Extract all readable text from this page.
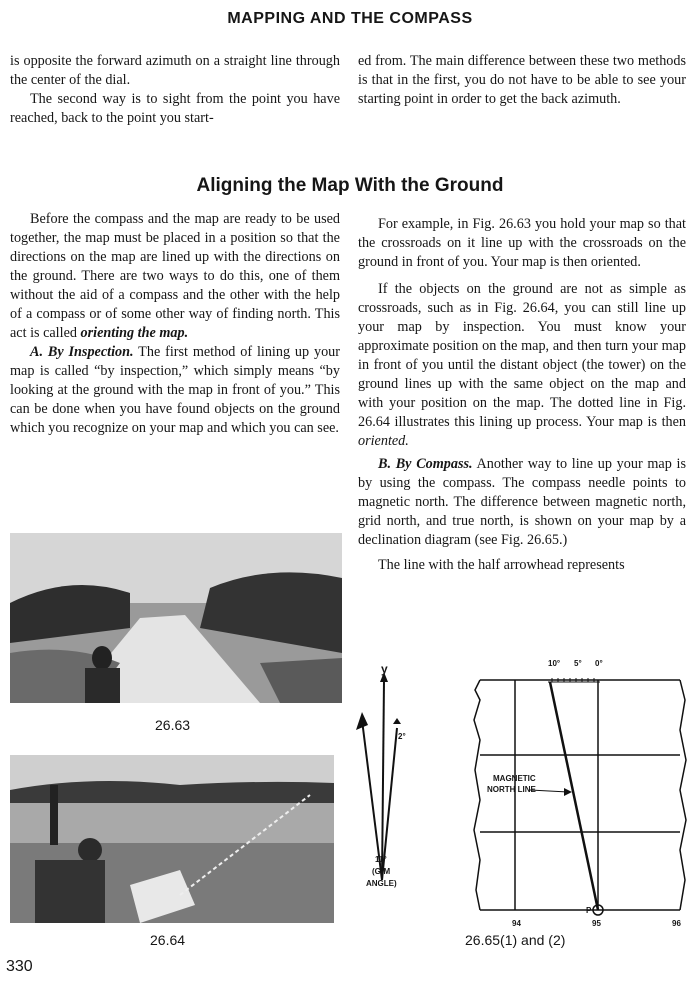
MAPPING AND THE COMPASS

is opposite the forward azimuth on a straight line through the center of the dial.

The second way is to sight from the point you have reached, back to the point you start-

ed from. The main difference between these two methods is that in the first, you do not have to be able to see your starting point in order to get the back azimuth.

Aligning the Map With the Ground

Before the compass and the map are ready to be used together, the map must be placed in a position so that the directions on the map are lined up with the directions on the ground. There are two ways to do this, one of them without the aid of a compass and the other with the help of a compass or of some other way of finding north. This act is called orienting the map.

A. By Inspection. The first method of lining up your map is called “by inspection,” which simply means “by looking at the ground with the map in front of you.” This can be done when you have found objects on the ground which you recognize on your map and which you can see.

For example, in Fig. 26.63 you hold your map so that the crossroads on it line up with the crossroads on the ground in front of you. Your map is then oriented.

If the objects on the ground are not as simple as crossroads, such as in Fig. 26.64, you can still line up your map by inspection. You must know your approximate position on the map, and then turn your map in front of you until the distant object (the tower) on the ground lines up with the same object on the map and with your position on the map. The dotted line in Fig. 26.64 illustrates this lining up process. Your map is then oriented.

B. By Compass. Another way to line up your map is by using the compass. The compass needle points to magnetic north. The difference between magnetic north, grid north, and true north, is shown on your map by a declination diagram (see Fig. 26.65.)

The line with the half arrowhead represents

26.63
26.64
y
2°
11°
(G-M
ANGLE)
10° 5° 0°
MAGNETIC
NORTH LINE
P
94	95	96
26.65(1) and (2)
330
